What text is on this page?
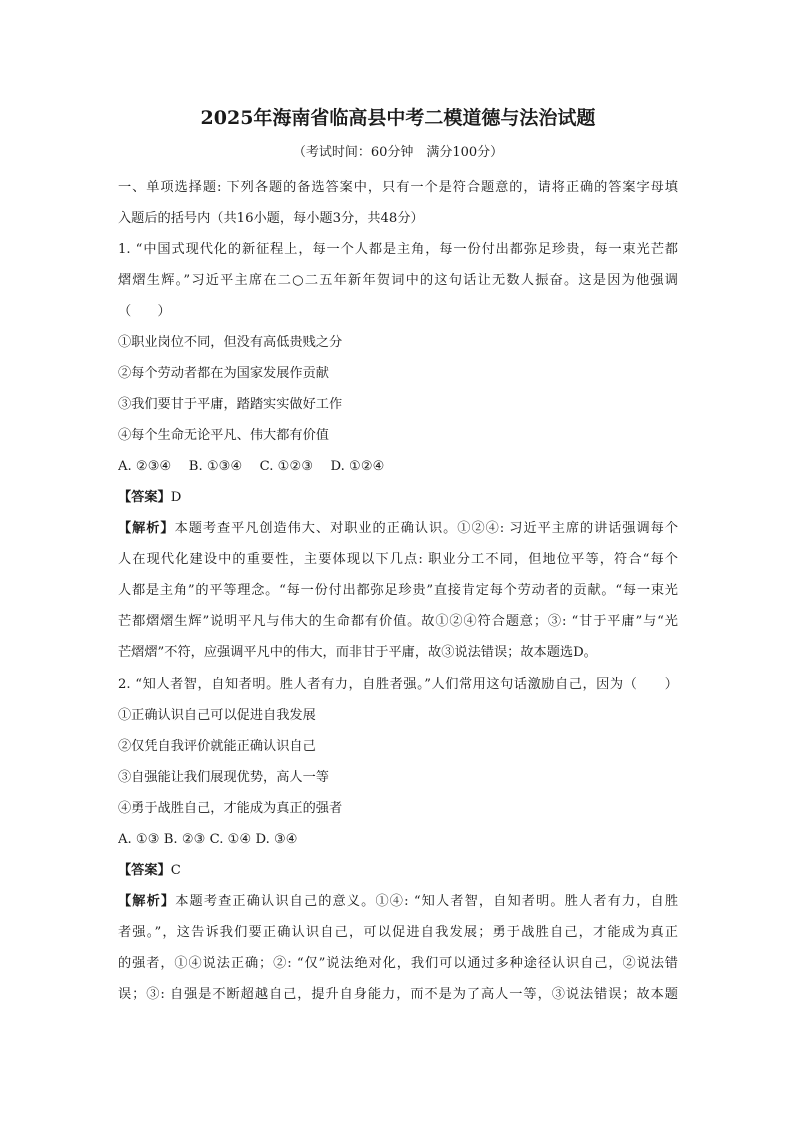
2025年海南省临高县中考二模道德与法治试题
（考试时间：60分钟　满分100分）
一、单项选择题: 下列各题的备选答案中，只有一个是符合题意的，请将正确的答案字母填
入题后的括号内（共16小题，每小题3分，共48分）
1. “中国式现代化的新征程上，每一个人都是主角，每一份付出都弥足珍贵，每一束光芒都
熠熠生辉。”习近平主席在二○二五年新年贺词中的这句话让无数人振奋。这是因为他强调
（　　）
①职业岗位不同，但没有高低贵贱之分
②每个劳动者都在为国家发展作贡献
③我们要甘于平庸，踏踏实实做好工作
④每个生命无论平凡、伟大都有价值
A. ②③④　 B. ①③④　 C. ①②③　 D. ①②④
【答案】D
【解析】本题考查平凡创造伟大、对职业的正确认识。①②④: 习近平主席的讲话强调每个
人在现代化建设中的重要性，主要体现以下几点: 职业分工不同，但地位平等，符合“每个
人都是主角”的平等理念。“每一份付出都弥足珍贵”直接肯定每个劳动者的贡献。“每一束光
芒都熠熠生辉”说明平凡与伟大的生命都有价值。故①②④符合题意；③: “甘于平庸”与“光
芒熠熠”不符，应强调平凡中的伟大，而非甘于平庸，故③说法错误；故本题选D。
2. “知人者智，自知者明。胜人者有力，自胜者强。”人们常用这句话激励自己，因为（　　）
①正确认识自己可以促进自我发展
②仅凭自我评价就能正确认识自己
③自强能让我们展现优势，高人一等
④勇于战胜自己，才能成为真正的强者
A. ①③ B. ②③ C. ①④ D. ③④
【答案】C
【解析】本题考查正确认识自己的意义。①④: “知人者智，自知者明。胜人者有力，自胜
者强。”，这告诉我们要正确认识自己，可以促进自我发展；勇于战胜自己，才能成为真正
的强者，①④说法正确；②: “仅”说法绝对化，我们可以通过多种途径认识自己，②说法错
误；③: 自强是不断超越自己，提升自身能力，而不是为了高人一等，③说法错误；故本题
